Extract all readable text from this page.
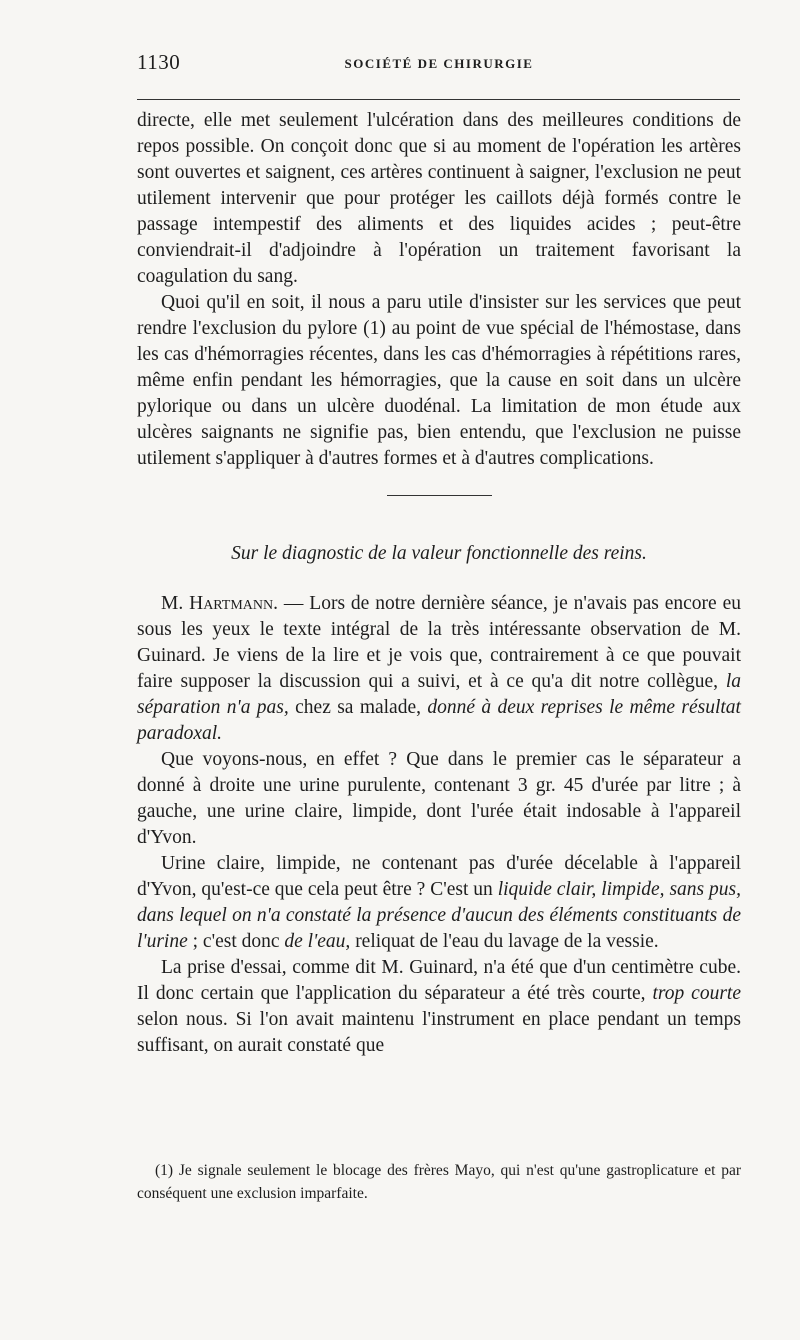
1130	SOCIÉTÉ DE CHIRURGIE

directe, elle met seulement l'ulcération dans des meilleures conditions de repos possible. On conçoit donc que si au moment de l'opération les artères sont ouvertes et saignent, ces artères continuent à saigner, l'exclusion ne peut utilement intervenir que pour protéger les caillots déjà formés contre le passage intempestif des aliments et des liquides acides ; peut-être conviendrait-il d'adjoindre à l'opération un traitement favorisant la coagulation du sang.

Quoi qu'il en soit, il nous a paru utile d'insister sur les services que peut rendre l'exclusion du pylore (1) au point de vue spécial de l'hémostase, dans les cas d'hémorragies récentes, dans les cas d'hémorragies à répétitions rares, même enfin pendant les hémorragies, que la cause en soit dans un ulcère pylorique ou dans un ulcère duodénal. La limitation de mon étude aux ulcères saignants ne signifie pas, bien entendu, que l'exclusion ne puisse utilement s'appliquer à d'autres formes et à d'autres complications.

Sur le diagnostic de la valeur fonctionnelle des reins.

M. Hartmann. — Lors de notre dernière séance, je n'avais pas encore eu sous les yeux le texte intégral de la très intéressante observation de M. Guinard. Je viens de la lire et je vois que, contrairement à ce que pouvait faire supposer la discussion qui a suivi, et à ce qu'a dit notre collègue, la séparation n'a pas, chez sa malade, donné à deux reprises le même résultat paradoxal.

Que voyons-nous, en effet ? Que dans le premier cas le séparateur a donné à droite une urine purulente, contenant 3 gr. 45 d'urée par litre ; à gauche, une urine claire, limpide, dont l'urée était indosable à l'appareil d'Yvon.

Urine claire, limpide, ne contenant pas d'urée décelable à l'appareil d'Yvon, qu'est-ce que cela peut être ? C'est un liquide clair, limpide, sans pus, dans lequel on n'a constaté la présence d'aucun des éléments constituants de l'urine ; c'est donc de l'eau, reliquat de l'eau du lavage de la vessie.

La prise d'essai, comme dit M. Guinard, n'a été que d'un centimètre cube. Il donc certain que l'application du séparateur a été très courte, trop courte selon nous. Si l'on avait maintenu l'instrument en place pendant un temps suffisant, on aurait constaté que

(1) Je signale seulement le blocage des frères Mayo, qui n'est qu'une gastroplicature et par conséquent une exclusion imparfaite.
